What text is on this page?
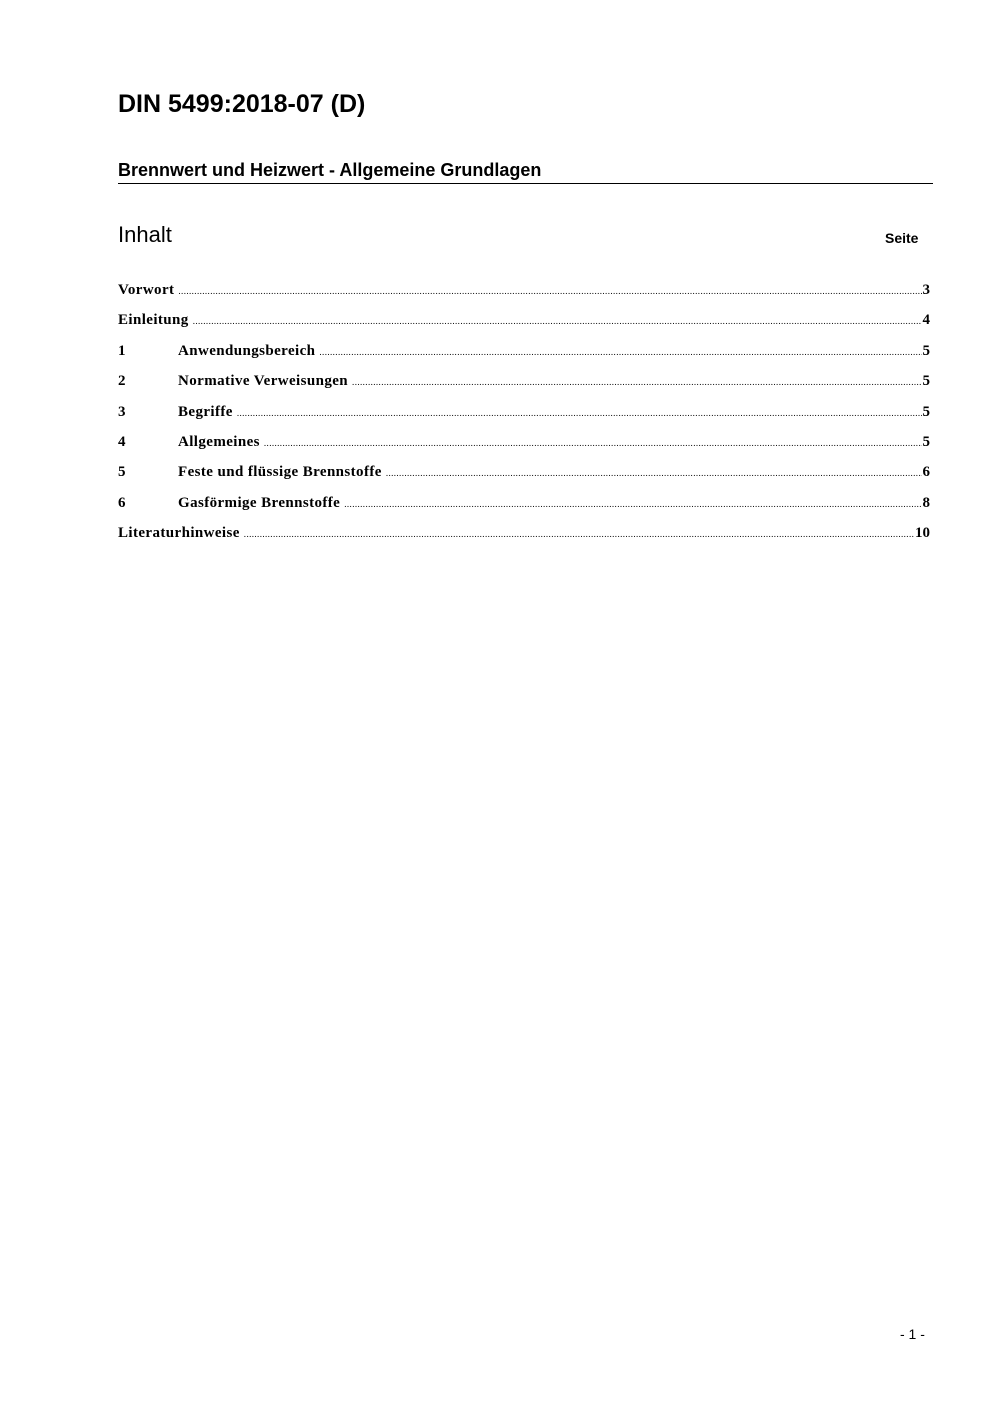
DIN 5499:2018-07 (D)
Brennwert und Heizwert - Allgemeine Grundlagen
Inhalt	Seite
Vorwort .....	3
Einleitung .....	4
1	Anwendungsbereich .....	5
2	Normative Verweisungen .....	5
3	Begriffe .....	5
4	Allgemeines .....	5
5	Feste und flüssige Brennstoffe .....	6
6	Gasförmige Brennstoffe .....	8
Literaturhinweise .....	10
- 1 -
